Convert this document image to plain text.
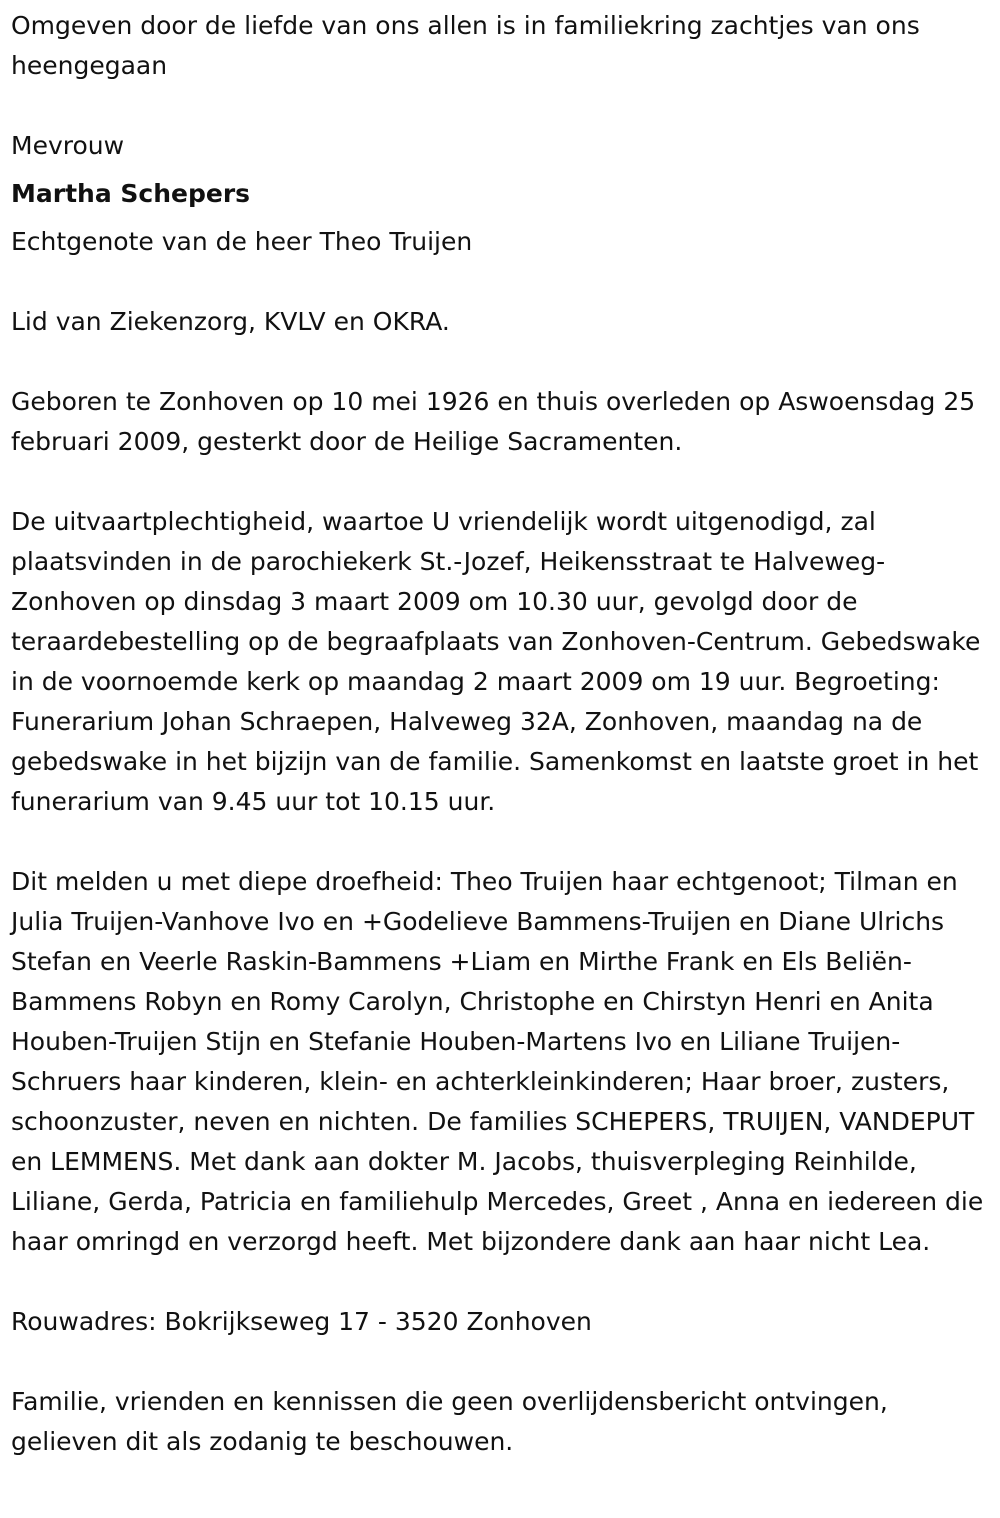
Omgeven door de liefde van ons allen is in familiekring zachtjes van ons heengegaan

Mevrouw

Martha Schepers

Echtgenote van de heer Theo Truijen

Lid van Ziekenzorg, KVLV en OKRA.

Geboren te Zonhoven op 10 mei 1926 en thuis overleden op Aswoensdag 25 februari 2009, gesterkt door de Heilige Sacramenten.

De uitvaartplechtigheid, waartoe U vriendelijk wordt uitgenodigd, zal plaatsvinden in de parochiekerk St.-Jozef, Heikensstraat te Halveweg-Zonhoven op dinsdag 3 maart 2009 om 10.30 uur, gevolgd door de teraardebestelling op de begraafplaats van Zonhoven-Centrum. Gebedswake in de voornoemde kerk op maandag 2 maart 2009 om 19 uur. Begroeting: Funerarium Johan Schraepen, Halveweg 32A, Zonhoven, maandag na de gebedswake in het bijzijn van de familie. Samenkomst en laatste groet in het funerarium van 9.45 uur tot 10.15 uur.

Dit melden u met diepe droefheid: Theo Truijen haar echtgenoot; Tilman en Julia Truijen-Vanhove Ivo en +Godelieve Bammens-Truijen en Diane Ulrichs Stefan en Veerle Raskin-Bammens +Liam en Mirthe Frank en Els Beliën-Bammens Robyn en Romy Carolyn, Christophe en Chirstyn Henri en Anita Houben-Truijen Stijn en Stefanie Houben-Martens Ivo en Liliane Truijen-Schruers haar kinderen, klein- en achterkleinkinderen; Haar broer, zusters, schoonzuster, neven en nichten. De families SCHEPERS, TRUIJEN, VANDEPUT en LEMMENS. Met dank aan dokter M. Jacobs, thuisverpleging Reinhilde, Liliane, Gerda, Patricia en familiehulp Mercedes, Greet , Anna en iedereen die haar omringd en verzorgd heeft. Met bijzondere dank aan haar nicht Lea.

Rouwadres: Bokrijkseweg 17 - 3520 Zonhoven

Familie, vrienden en kennissen die geen overlijdensbericht ontvingen, gelieven dit als zodanig te beschouwen.
